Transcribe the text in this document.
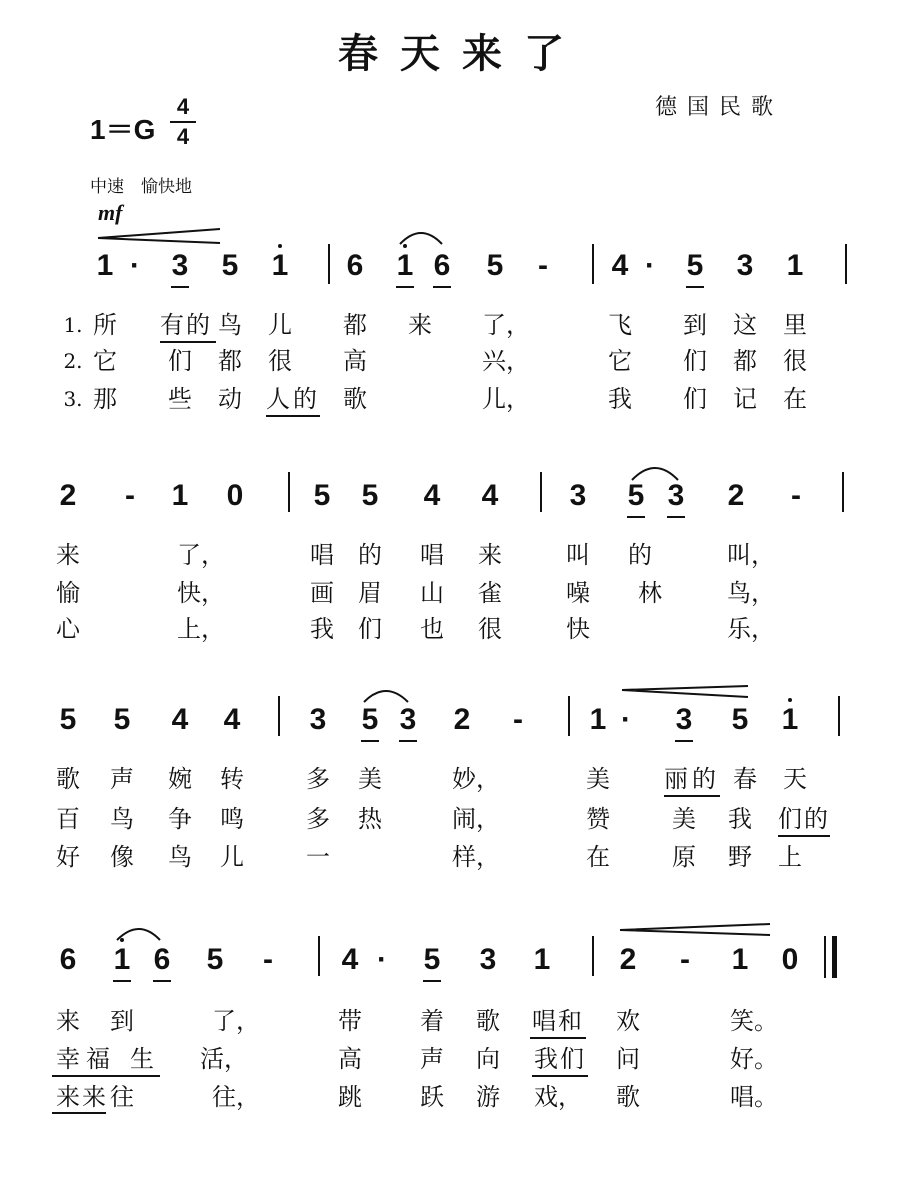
春天来了
德国民歌
1＝G
4
4
中速　愉快地
mf
1 ·	3 5 1 6 1 6 5	-	4 ·	5 3 1
1.
2.
3.
所 有 的 鸟 儿 都 来 了，	飞 到 这 里
它 们 都 很 高	兴，	它 们 都 很
那 些 动 人 的 歌	儿，	我 们 记 在
2	-	1 0 5 5 4 4 3 5 3 2	-
来	了，	唱 的 唱 来	叫 的	叫，
愉	快，	画 眉 山 雀	噪 林	鸟，
心	上，	我 们 也 很	快	乐，
5 5 4 4 3 5 3 2	-	1 ·	3 5 1
歌 声 婉 转	多 美	妙，	美 丽 的 春 天
百 鸟 争 鸣	多 热	闹，	赞	美 我 们 的
好 像 鸟 儿	一	样，	在	原 野 上
6 1 6 5	-	4 ·	5 3 1 2	-	1 0
来 到	了，	带 着 歌 唱 和 欢	笑。
幸 福 生 活，	高 声 向 我 们 问	好。
来 来 往	往，	跳 跃 游 戏， 歌	唱。
